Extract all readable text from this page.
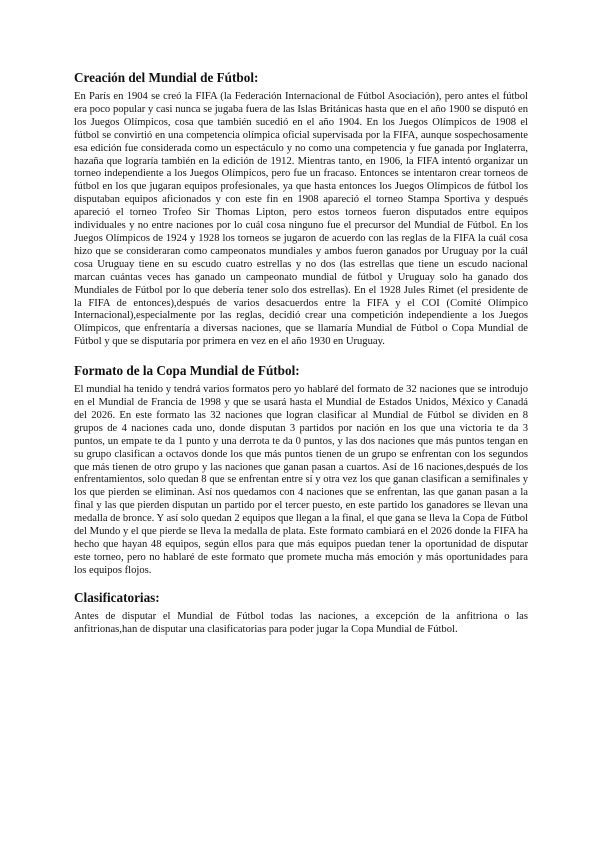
Creación del Mundial de Fútbol:

En París en 1904 se creó la FIFA (la Federación Internacional de Fútbol Asociación), pero antes el fútbol era poco popular y casi nunca se jugaba fuera de las Islas Británicas hasta que en el año 1900 se disputó en los Juegos Olímpicos, cosa que también sucedió en el año 1904. En los Juegos Olímpicos de 1908 el fútbol se convirtió en una competencia olímpica oficial supervisada por la FIFA, aunque sospechosamente esa edición fue considerada como un espectáculo y no como una competencia y fue ganada por Inglaterra, hazaña que lograría también en la edición de 1912. Mientras tanto, en 1906, la FIFA intentó organizar un torneo independiente a los Juegos Olímpicos, pero fue un fracaso. Entonces se intentaron crear torneos de fútbol en los que jugaran equipos profesionales, ya que hasta entonces los Juegos Olímpicos de fútbol los disputaban equipos aficionados y con este fin en 1908 apareció el torneo Stampa Sportiva y después apareció el torneo Trofeo Sir Thomas Lipton, pero estos torneos fueron disputados entre equipos individuales y no entre naciones por lo cuál cosa ninguno fue el precursor del Mundial de Fútbol. En los Juegos Olímpicos de 1924 y 1928 los torneos se jugaron de acuerdo con las reglas de la FIFA la cuál cosa hizo que se consideraran como campeonatos mundiales y ambos fueron ganados por Uruguay por la cuál cosa Uruguay tiene en su escudo cuatro estrellas y no dos (las estrellas que tiene un escudo nacional marcan cuántas veces has ganado un campeonato mundial de fútbol y Uruguay solo ha ganado dos Mundiales de Fútbol por lo que debería tener solo dos estrellas). En el 1928 Jules Rimet (el presidente de la FIFA de entonces),después de varios desacuerdos entre la FIFA y el COI (Comité Olímpico Internacional),especialmente por las reglas, decidió crear una competición independiente a los Juegos Olímpicos, que enfrentaría a diversas naciones, que se llamaría Mundial de Fútbol o Copa Mundial de Fútbol y que se disputaría por primera en vez en el año 1930 en Uruguay.

Formato de la Copa Mundial de Fútbol:

El mundial ha tenido y tendrá varios formatos pero yo hablaré del formato de 32 naciones que se introdujo en el Mundial de Francia de 1998 y que se usará hasta el Mundial de Estados Unidos, México y Canadá del 2026. En este formato las 32 naciones que logran clasificar al Mundial de Fútbol se dividen en 8 grupos de 4 naciones cada uno, donde disputan 3 partidos por nación en los que una victoria te da 3 puntos, un empate te da 1 punto y una derrota te da 0 puntos, y las dos naciones que más puntos tengan en su grupo clasifican a octavos donde los que más puntos tienen de un grupo se enfrentan con los segundos que más tienen de otro grupo y las naciones que ganan pasan a cuartos. Así de 16 naciones,después de los enfrentamientos, solo quedan 8 que se enfrentan entre sí y otra vez los que ganan clasifican a semifinales y los que pierden se eliminan. Así nos quedamos con 4 naciones que se enfrentan, las que ganan pasan a la final y las que pierden disputan un partido por el tercer puesto, en este partido los ganadores se llevan una medalla de bronce. Y así solo quedan 2 equipos que llegan a la final, el que gana se lleva la Copa de Fútbol del Mundo y el que pierde se lleva la medalla de plata. Este formato cambiará en el 2026 donde la FIFA ha hecho que hayan 48 equipos, según ellos para que más equipos puedan tener la oportunidad de disputar este torneo, pero no hablaré de este formato que promete mucha más emoción y más oportunidades para los equipos flojos.

Clasificatorias:

Antes de disputar el Mundial de Fútbol todas las naciones, a excepción de la anfitriona o las anfitrionas,han de disputar una clasificatorias para poder jugar la Copa Mundial de Fútbol.
